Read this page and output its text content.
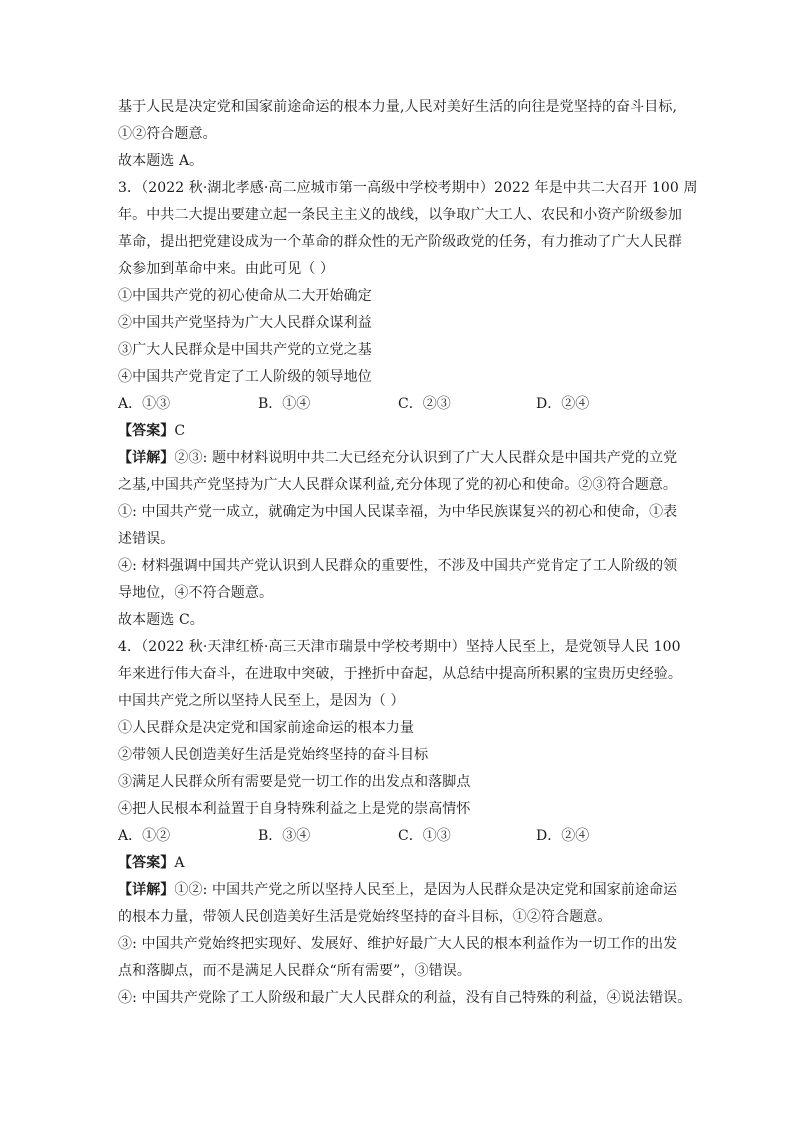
基于人民是决定党和国家前途命运的根本力量,人民对美好生活的向往是党坚持的奋斗目标,
①②符合题意。
故本题选 A。
3．（2022 秋·湖北孝感·高二应城市第一高级中学校考期中）2022 年是中共二大召开 100 周
年。中共二大提出要建立起一条民主主义的战线，以争取广大工人、农民和小资产阶级参加
革命，提出把党建设成为一个革命的群众性的无产阶级政党的任务，有力推动了广大人民群
众参加到革命中来。由此可见（ ）
①中国共产党的初心使命从二大开始确定
②中国共产党坚持为广大人民群众谋利益
③广大人民群众是中国共产党的立党之基
④中国共产党肯定了工人阶级的领导地位
A．①③	B．①④	C．②③	D．②④
【答案】C
【详解】②③: 题中材料说明中共二大已经充分认识到了广大人民群众是中国共产党的立党
之基,中国共产党坚持为广大人民群众谋利益,充分体现了党的初心和使命。②③符合题意。
①: 中国共产党一成立，就确定为中国人民谋幸福，为中华民族谋复兴的初心和使命，①表
述错误。
④: 材料强调中国共产党认识到人民群众的重要性，不涉及中国共产党肯定了工人阶级的领
导地位，④不符合题意。
故本题选 C。
4．（2022 秋·天津红桥·高三天津市瑞景中学校考期中）坚持人民至上，是党领导人民 100
年来进行伟大奋斗，在进取中突破，于挫折中奋起，从总结中提高所积累的宝贵历史经验。
中国共产党之所以坚持人民至上，是因为（ ）
①人民群众是决定党和国家前途命运的根本力量
②带领人民创造美好生活是党始终坚持的奋斗目标
③满足人民群众所有需要是党一切工作的出发点和落脚点
④把人民根本利益置于自身特殊利益之上是党的崇高情怀
A．①②	B．③④	C．①③	D．②④
【答案】A
【详解】①②: 中国共产党之所以坚持人民至上，是因为人民群众是决定党和国家前途命运
的根本力量，带领人民创造美好生活是党始终坚持的奋斗目标，①②符合题意。
③: 中国共产党始终把实现好、发展好、维护好最广大人民的根本利益作为一切工作的出发
点和落脚点，而不是满足人民群众“所有需要”，③错误。
④: 中国共产党除了工人阶级和最广大人民群众的利益，没有自己特殊的利益，④说法错误。
